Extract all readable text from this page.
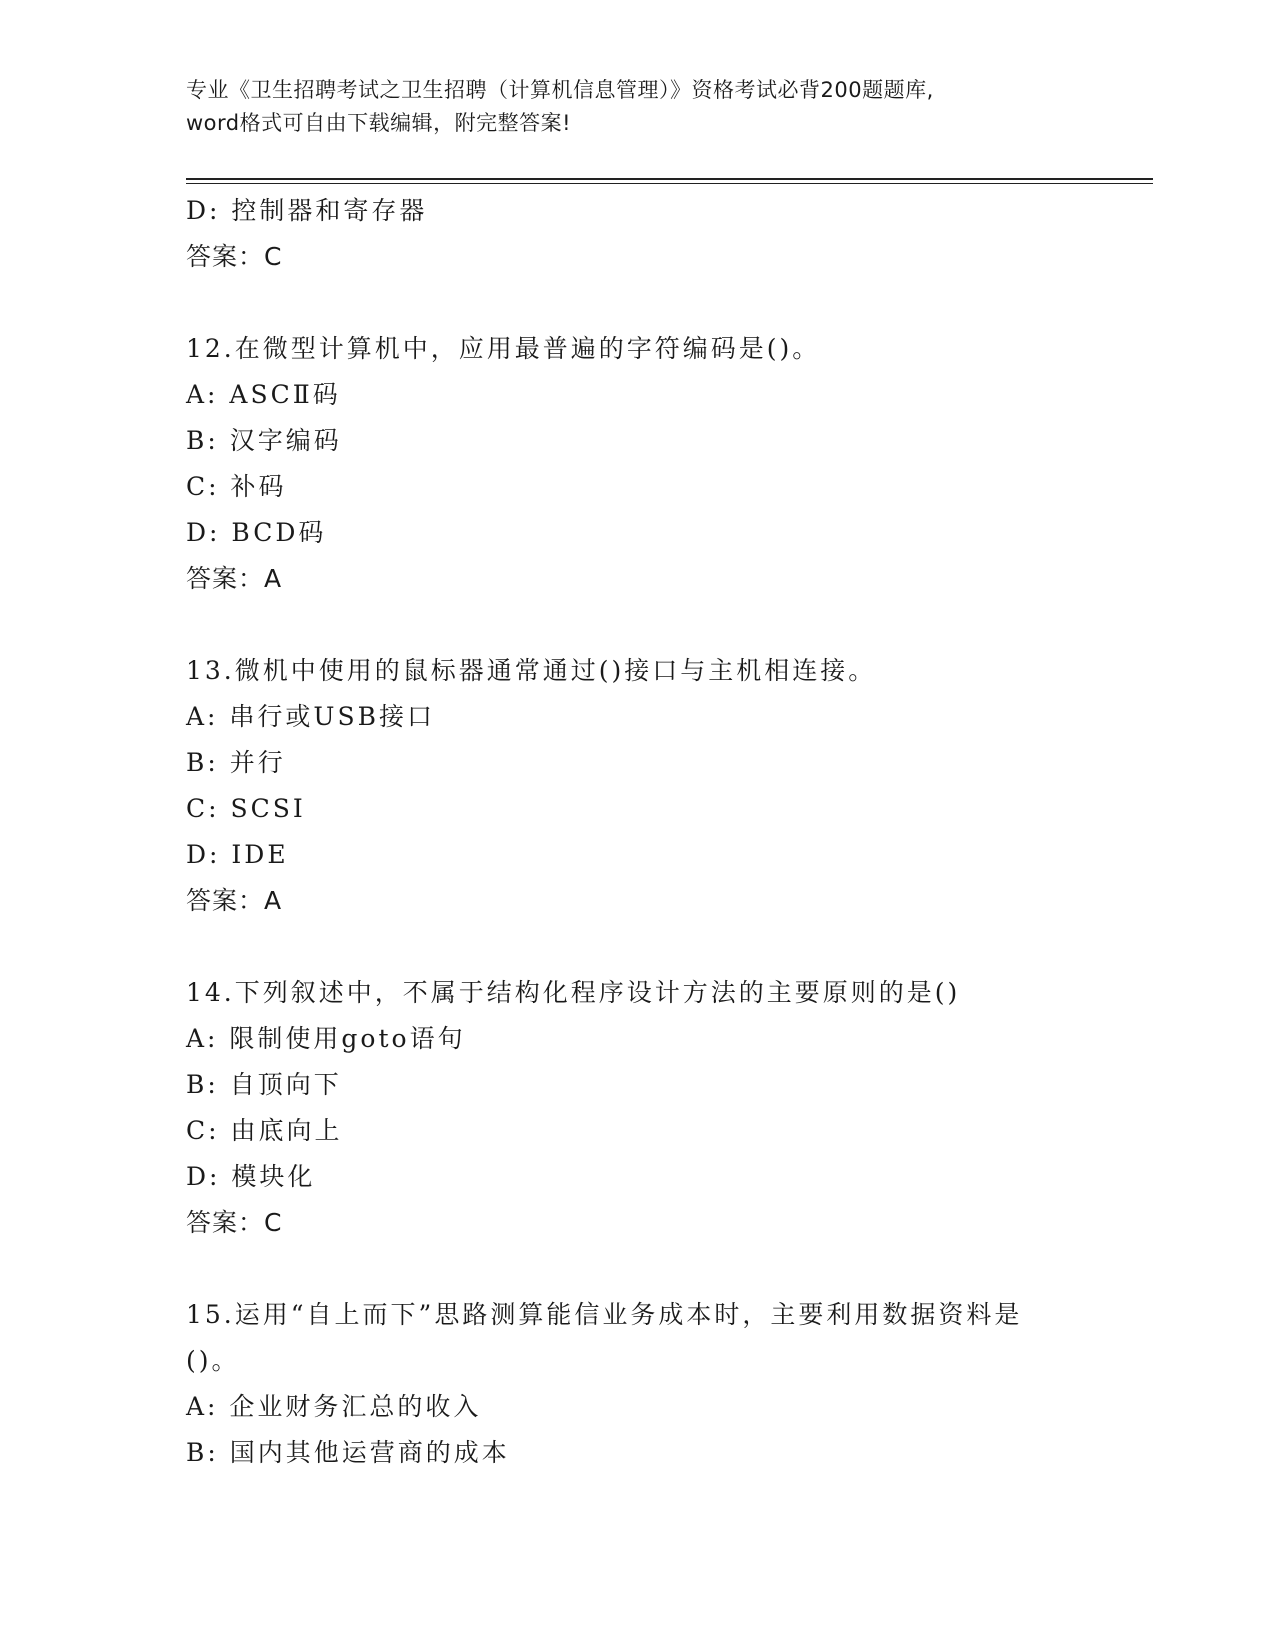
专业《卫生招聘考试之卫生招聘（计算机信息管理）》资格考试必背200题题库,
word格式可自由下载编辑，附完整答案!
D: 控制器和寄存器
答案：C
12.在微型计算机中，应用最普遍的字符编码是()。
A: ASCⅡ码
B: 汉字编码
C: 补码
D: BCD码
答案：A
13.微机中使用的鼠标器通常通过()接口与主机相连接。
A: 串行或USB接口
B: 并行
C: SCSI
D: IDE
答案：A
14.下列叙述中，不属于结构化程序设计方法的主要原则的是()
A: 限制使用goto语句
B: 自顶向下
C: 由底向上
D: 模块化
答案：C
15.运用“自上而下”思路测算能信业务成本时，主要利用数据资料是
()。
A: 企业财务汇总的收入
B: 国内其他运营商的成本
